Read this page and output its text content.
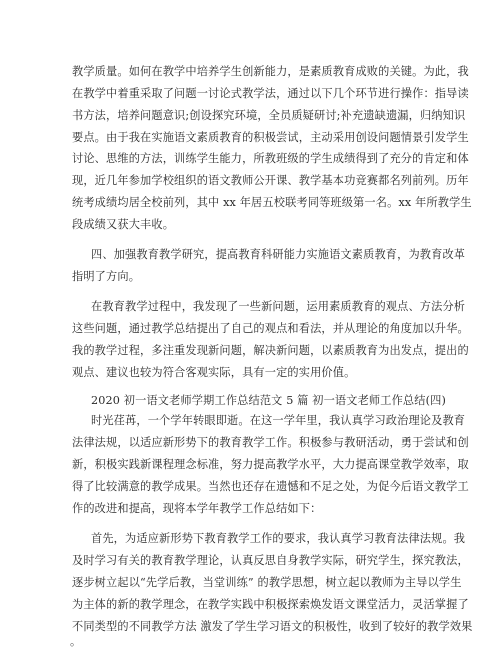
教学质量。如何在教学中培养学生创新能力，是素质教育成败的关键。为此，我
在教学中着重采取了问题一讨论式教学法，通过以下几个环节进行操作：指导读
书方法，培养问题意识;创设探究环境，全员质疑研讨;补充遗缺遗漏，归纳知识
要点。由于我在实施语文素质教育的积极尝试，主动采用创设问题情景引发学生
讨论、思维的方法，训练学生能力，所教班级的学生成绩得到了充分的肯定和体
现，近几年参加学校组织的语文教师公开课、教学基本功竞赛都名列前列。历年
统考成绩均居全校前列，其中 xx 年居五校联考同等班级第一名。xx 年所教学生
段成绩又获大丰收。
四、加强教育教学研究，提高教育科研能力实施语文素质教育，为教育改革
指明了方向。
在教育教学过程中，我发现了一些新问题，运用素质教育的观点、方法分析
这些问题，通过教学总结提出了自己的观点和看法，并从理论的角度加以升华。
我的教学过程，多注重发现新问题，解决新问题，以素质教育为出发点，提出的
观点、建议也较为符合客观实际，具有一定的实用价值。
2020 初一语文老师学期工作总结范文 5 篇 初一语文老师工作总结(四)
时光荏苒，一个学年转眼即逝。在这一学年里，我认真学习政治理论及教育
法律法规，以适应新形势下的教育教学工作。积极参与教研活动，勇于尝试和创
新，积极实践新课程理念标准，努力提高教学水平，大力提高课堂教学效率，取
得了比较满意的教学成果。当然也还存在遗憾和不足之处，为促今后语文教学工
作的改进和提高，现将本学年教学工作总结如下：
首先，为适应新形势下教育教学工作的要求，我认真学习教育法律法规。我
及时学习有关的教育教学理论，认真反思自身教学实际，研究学生，探究教法，
逐步树立起以“先学后教，当堂训练” 的教学思想，树立起以教师为主导以学生
为主体的新的教学理念，在教学实践中积极探索焕发语文课堂活力，灵活掌握了
不同类型的不同教学方法 激发了学生学习语文的积极性，收到了较好的教学效果
。
